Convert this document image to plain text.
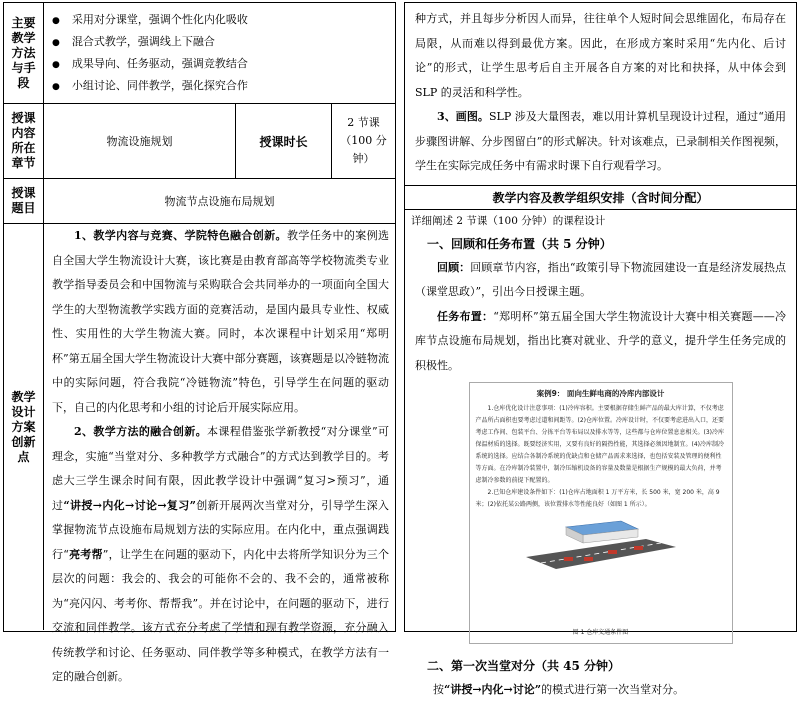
主要教学方法与手段
● 采用对分课堂，强调个性化内化吸收
● 混合式教学，强调线上下融合
● 成果导向、任务驱动，强调竞教结合
● 小组讨论、同伴教学，强化探究合作
授课内容所在章节
物流设施规划	授课时长
2 节课（100 分钟）
授课题目	物流节点设施布局规划
教学设计方案创新点

1、教学内容与竞赛、学院特色融合创新。教学任务中的案例选自全国大学生物流设计大赛，该比赛是由教育部高等学校物流类专业教学指导委员会和中国物流与采购联合会共同举办的一项面向全国大学生的大型物流教学实践方面的竞赛活动，是国内最具专业性、权威性、实用性的大学生物流大赛。同时，本次课程中计划采用“郑明杯”第五届全国大学生物流设计大赛中部分赛题，该赛题是以冷链物流中的实际问题，符合我院“冷链物流”特色，引导学生在问题的驱动下，自己的内化思考和小组的讨论后开展实际应用。

2、教学方法的融合创新。本课程借鉴张学新教授“对分课堂”可理念，实施“当堂对分、多种教学方式融合”的方式达到教学目的。考虑大三学生课余时间有限，因此教学设计中强调“复习>预习”，通过“讲授→内化→讨论→复习”创新开展两次当堂对分，引导学生深入掌握物流节点设施布局规划方法的实际应用。在内化中，重点强调践行“亮考帮”，让学生在问题的驱动下，内化中去将所学知识分为三个层次的问题：我会的、我会的可能你不会的、我不会的，通常被称为“亮闪闪、考考你、帮帮我”。并在讨论中，在问题的驱动下，进行交流和同伴教学。该方式充分考虑了学情和现有教学资源，充分融入传统教学和讨论、任务驱动、同伴教学等多种模式，在教学方法有一定的融合创新。

种方式，并且每步分析因人而异，往往单个人短时间会思维固化，布局存在局限，从而难以得到最优方案。因此，在形成方案时采用“先内化、后讨论”的形式，让学生思考后自主开展各自方案的对比和抉择，从中体会到 SLP 的灵活和科学性。

3、画图。SLP 涉及大量图表，难以用计算机呈现设计过程，通过“通用步骤图讲解、分步图留白”的形式解决。针对该难点，已录制相关作图视频，学生在实际完成任务中有需求时课下自行观看学习。

教学内容及教学组织安排（含时间分配）
详细阐述 2 节课（100 分钟）的课程设计
一、回顾和任务布置（共 5 分钟）

回顾：回顾章节内容，指出“政策引导下物流园建设一直是经济发展热点（课堂思政）”，引出今日授课主题。

任务布置：“郑明杯”第五届全国大学生物流设计大赛中相关赛题——冷库节点设施布局规划，指出比赛对就业、升学的意义，提升学生任务完成的积极性。

案例9： 面向生鲜电商的冷库内部设计

1.仓库优化设计注意事项：(1)冷库容积。主要根据存储生鲜产品的最大库计算，不仅考虑产品所占面积也要考虑过道和间距等。(2)仓库位置。冷库设计时，不仅要考虑进出入口，还要考虑工作间、包装平台、分拣平台等布局以及排水等等，这些都与仓库位置息息相关。(3)冷库保温材质的选择。既要经济实用，又要有良好的隔热性能，其选择必须因地制宜。(4)冷库制冷系统的选择。应结合各制冷系统的优缺点和仓储产品需求来选择，也包括安装及管理的便利性等方面。在冷库制冷装置中，制冷压缩机设备的容量及数量是根据生产规模的最大负荷，并考虑制冷参数的前提下配置的。

2.已知仓库建设条件如下：(1)仓库占地面积 1 万平方米，长 500 米，宽 200 米，高 9 米；(2)依托某公路两侧，该位置排水等性能良好（如图 1 所示）。

图 1 仓库交通条件图
二、第一次当堂对分（共 45 分钟）

按“讲授→内化→讨论”的模式进行第一次当堂对分。
